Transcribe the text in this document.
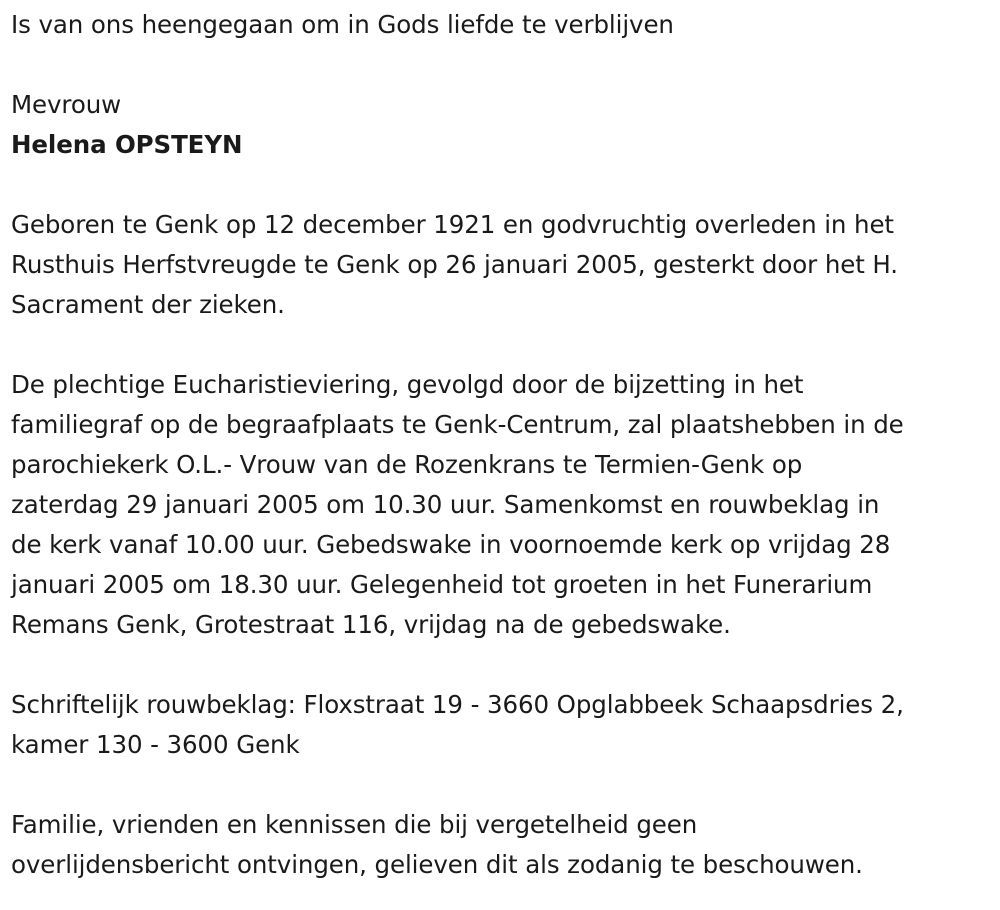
Is van ons heengegaan om in Gods liefde te verblijven

Mevrouw

Helena OPSTEYN

Geboren te Genk op 12 december 1921 en godvruchtig overleden in het

Rusthuis Herfstvreugde te Genk op 26 januari 2005, gesterkt door het H.

Sacrament der zieken.

De plechtige Eucharistieviering, gevolgd door de bijzetting in het

familiegraf op de begraafplaats te Genk-Centrum, zal plaatshebben in de

parochiekerk O.L.- Vrouw van de Rozenkrans te Termien-Genk op

zaterdag 29 januari 2005 om 10.30 uur. Samenkomst en rouwbeklag in

de kerk vanaf 10.00 uur. Gebedswake in voornoemde kerk op vrijdag 28

januari 2005 om 18.30 uur. Gelegenheid tot groeten in het Funerarium

Remans Genk, Grotestraat 116, vrijdag na de gebedswake.

Schriftelijk rouwbeklag: Floxstraat 19 - 3660 Opglabbeek Schaapsdries 2,

kamer 130 - 3600 Genk

Familie, vrienden en kennissen die bij vergetelheid geen

overlijdensbericht ontvingen, gelieven dit als zodanig te beschouwen.
